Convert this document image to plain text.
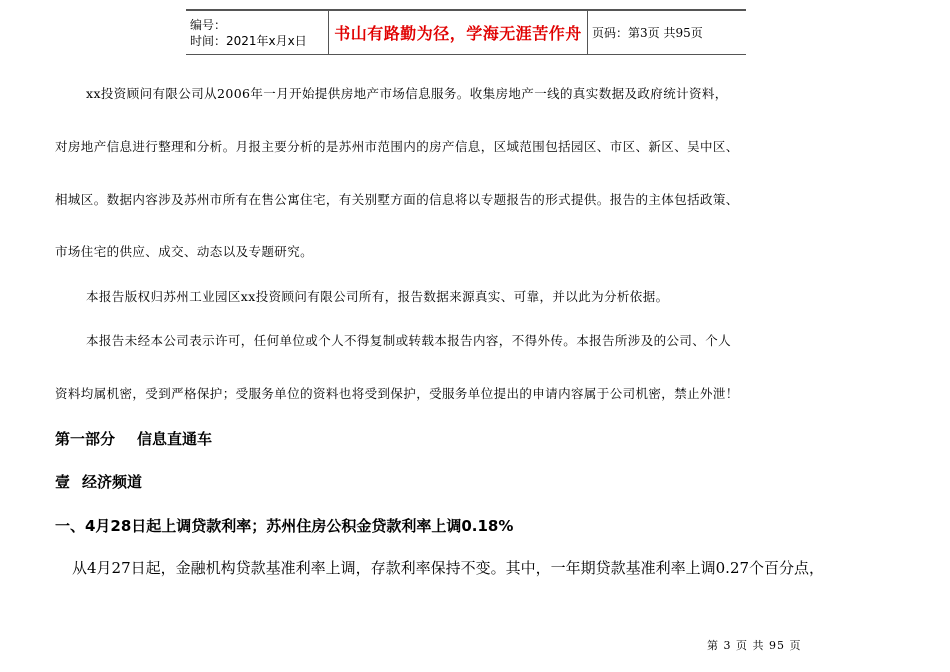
编号：
时间：2021年x月x日	书山有路勤为径，学海无涯苦作舟	页码：第3页 共95页
xx投资顾问有限公司从2006年一月开始提供房地产市场信息服务。收集房地产一线的真实数据及政府统计资料，
对房地产信息进行整理和分析。月报主要分析的是苏州市范围内的房产信息，区域范围包括园区、市区、新区、吴中区、
相城区。数据内容涉及苏州市所有在售公寓住宅，有关别墅方面的信息将以专题报告的形式提供。报告的主体包括政策、
市场住宅的供应、成交、动态以及专题研究。
本报告版权归苏州工业园区xx投资顾问有限公司所有，报告数据来源真实、可靠，并以此为分析依据。
本报告未经本公司表示许可，任何单位或个人不得复制或转载本报告内容，不得外传。本报告所涉及的公司、个人
资料均属机密，受到严格保护；受服务单位的资料也将受到保护，受服务单位提出的申请内容属于公司机密，禁止外泄！
第一部分 信息直通车
壹 经济频道
一、4月28日起上调贷款利率；苏州住房公积金贷款利率上调0.18%
从4月27日起，金融机构贷款基准利率上调，存款利率保持不变。其中，一年期贷款基准利率上调0.27个百分点，
第 3 页 共 95 页
